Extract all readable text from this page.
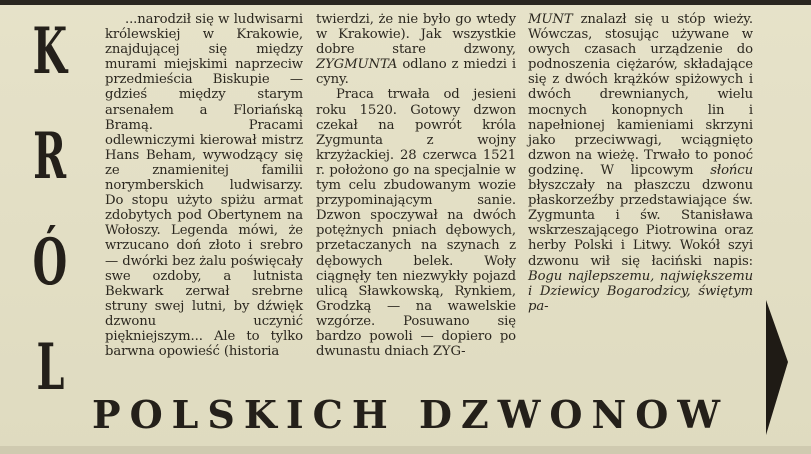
K
R
Ó
L

...narodził się w ludwisarni królewskiej w Krakowie, znajdującej się między murami miejskimi naprzeciw przedmieścia Biskupie — gdzieś między starym arsenałem a Floriańską Bramą. Pracami odlewniczymi kierował mistrz Hans Beham, wywodzący się ze znamienitej familii norymberskich ludwisarzy. Do stopu użyto spiżu armat zdobytych pod Obertynem na Wołoszy. Legenda mówi, że wrzucano doń złoto i srebro — dwórki bez żalu poświęcały swe ozdoby, a lutnista Bekwark zerwał srebrne struny swej lutni, by dźwięk dzwonu uczynić piękniejszym... Ale to tylko barwna opowieść (historia

twierdzi, że nie było go wtedy w Krakowie). Jak wszystkie dobre stare dzwony, ZYGMUNTA odlano z miedzi i cyny.

Praca trwała od jesieni roku 1520. Gotowy dzwon czekał na powrót króla Zygmunta z wojny krzyżackiej. 28 czerwca 1521 r. położono go na specjalnie w tym celu zbudowanym wozie przypominającym sanie. Dzwon spoczywał na dwóch potężnych pniach dębowych, przetaczanych na szynach z dębowych belek. Woły ciągnęły ten niezwykły pojazd ulicą Sławkowską, Rynkiem, Grodzką — na wawelskie wzgórze. Posuwano się bardzo powoli — dopiero po dwunastu dniach ZYG-

MUNT znalazł się u stóp wieży. Wówczas, stosując używane w owych czasach urządzenie do podnoszenia ciężarów, składające się z dwóch krążków spiżowych i dwóch drewnianych, wielu mocnych konopnych lin i napełnionej kamieniami skrzyni jako przeciwwagi, wciągnięto dzwon na wieżę. Trwało to ponoć godzinę. W lipcowym słońcu błyszczały na płaszczu dzwonu płaskorzeźby przedstawiające św. Zygmunta i św. Stanisława wskrzeszającego Piotrowina oraz herby Polski i Litwy. Wokół szyi dzwonu wił się łaciński napis: Bogu najlepszemu, największemu i Dziewicy Bogarodzicy, świętym pa-

POLSKICH DZWONOW
